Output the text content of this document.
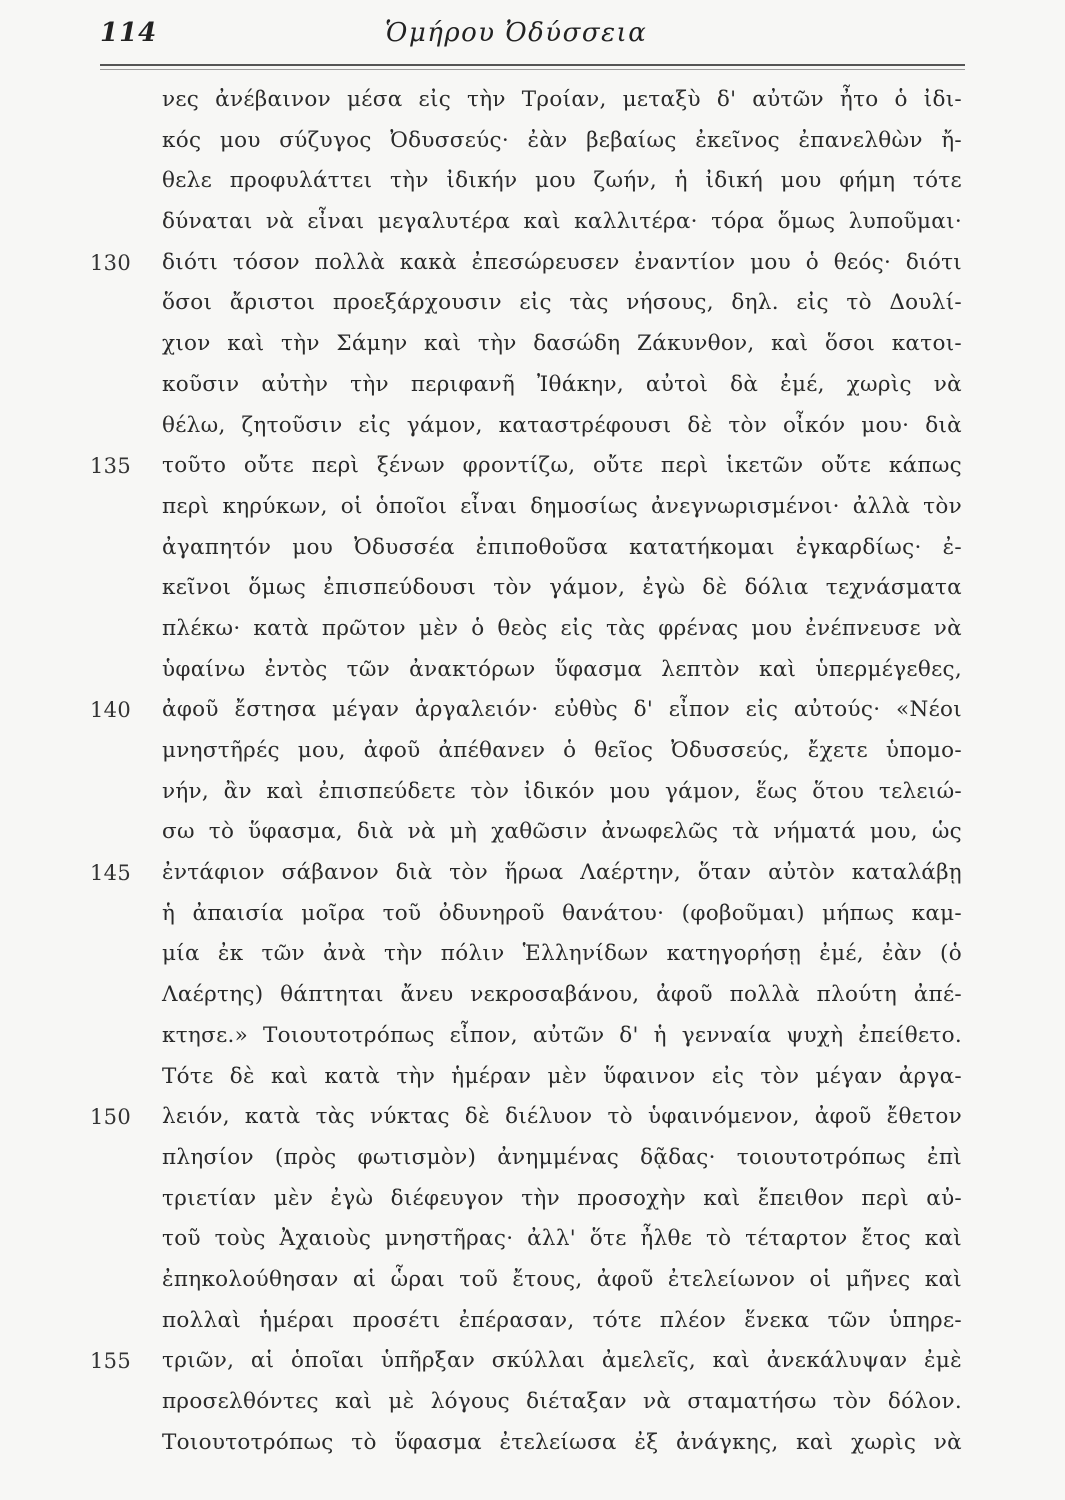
114	Ὁμήρου Ὀδύσσεια
νες ἀνέβαινον μέσα εἰς τὴν Τροίαν, μεταξὺ δ' αὐτῶν ἦτο ὁ ἰδι-
κός μου σύζυγος Ὀδυσσεύς· ἐὰν βεβαίως ἐκεῖνος ἐπανελθὼν ἤ-
θελε προφυλάττει τὴν ἰδικήν μου ζωήν, ἡ ἰδική μου φήμη τότε
δύναται νὰ εἶναι μεγαλυτέρα καὶ καλλιτέρα· τόρα ὅμως λυποῦμαι·
130	διότι τόσον πολλὰ κακὰ ἐπεσώρευσεν ἐναντίον μου ὁ θεός· διότι
ὅσοι ἄριστοι προεξάρχουσιν εἰς τὰς νήσους, δηλ. εἰς τὸ Δουλί-
χιον καὶ τὴν Σάμην καὶ τὴν δασώδη Ζάκυνθον, καὶ ὅσοι κατοι-
κοῦσιν αὐτὴν τὴν περιφανῆ Ἰθάκην, αὐτοὶ δὰ ἐμέ, χωρὶς νὰ
θέλω, ζητοῦσιν εἰς γάμον, καταστρέφουσι δὲ τὸν οἶκόν μου· διὰ
135	τοῦτο οὔτε περὶ ξένων φροντίζω, οὔτε περὶ ἱκετῶν οὔτε κάπως
περὶ κηρύκων, οἱ ὁποῖοι εἶναι δημοσίως ἀνεγνωρισμένοι· ἀλλὰ τὸν
ἀγαπητόν μου Ὀδυσσέα ἐπιποθοῦσα κατατήκομαι ἐγκαρδίως· ἐ-
κεῖνοι ὅμως ἐπισπεύδουσι τὸν γάμον, ἐγὼ δὲ δόλια τεχνάσματα
πλέκω· κατὰ πρῶτον μὲν ὁ θεὸς εἰς τὰς φρένας μου ἐνέπνευσε νὰ
ὑφαίνω ἐντὸς τῶν ἀνακτόρων ὕφασμα λεπτὸν καὶ ὑπερμέγεθες,
140	ἀφοῦ ἔστησα μέγαν ἀργαλειόν· εὐθὺς δ' εἶπον εἰς αὐτούς· «Νέοι
μνηστῆρές μου, ἀφοῦ ἀπέθανεν ὁ θεῖος Ὀδυσσεύς, ἔχετε ὑπομο-
νήν, ἂν καὶ ἐπισπεύδετε τὸν ἰδικόν μου γάμον, ἕως ὅτου τελειώ-
σω τὸ ὕφασμα, διὰ νὰ μὴ χαθῶσιν ἀνωφελῶς τὰ νήματά μου, ὡς
145	ἐντάφιον σάβανον διὰ τὸν ἥρωα Λαέρτην, ὅταν αὐτὸν καταλάβῃ
ἡ ἀπαισία μοῖρα τοῦ ὀδυνηροῦ θανάτου· (φοβοῦμαι) μήπως καμ-
μία ἐκ τῶν ἀνὰ τὴν πόλιν Ἑλληνίδων κατηγορήσῃ ἐμέ, ἐὰν (ὁ
Λαέρτης) θάπτηται ἄνευ νεκροσαβάνου, ἀφοῦ πολλὰ πλούτη ἀπέ-
κτησε.» Τοιουτοτρόπως εἶπον, αὐτῶν δ' ἡ γενναία ψυχὴ ἐπείθετο.
Τότε δὲ καὶ κατὰ τὴν ἡμέραν μὲν ὕφαινον εἰς τὸν μέγαν ἀργα-
150	λειόν, κατὰ τὰς νύκτας δὲ διέλυον τὸ ὑφαινόμενον, ἀφοῦ ἔθετον
πλησίον (πρὸς φωτισμὸν) ἀνημμένας δᾷδας· τοιουτοτρόπως ἐπὶ
τριετίαν μὲν ἐγὼ διέφευγον τὴν προσοχὴν καὶ ἔπειθον περὶ αὐ-
τοῦ τοὺς Ἀχαιοὺς μνηστῆρας· ἀλλ' ὅτε ἦλθε τὸ τέταρτον ἔτος καὶ
ἐπηκολούθησαν αἱ ὧραι τοῦ ἔτους, ἀφοῦ ἐτελείωνον οἱ μῆνες καὶ
πολλαὶ ἡμέραι προσέτι ἐπέρασαν, τότε πλέον ἕνεκα τῶν ὑπηρε-
155	τριῶν, αἱ ὁποῖαι ὑπῆρξαν σκύλλαι ἀμελεῖς, καὶ ἀνεκάλυψαν ἐμὲ
προσελθόντες καὶ μὲ λόγους διέταξαν νὰ σταματήσω τὸν δόλον.
Τοιουτοτρόπως τὸ ὕφασμα ἐτελείωσα ἐξ ἀνάγκης, καὶ χωρὶς νὰ
